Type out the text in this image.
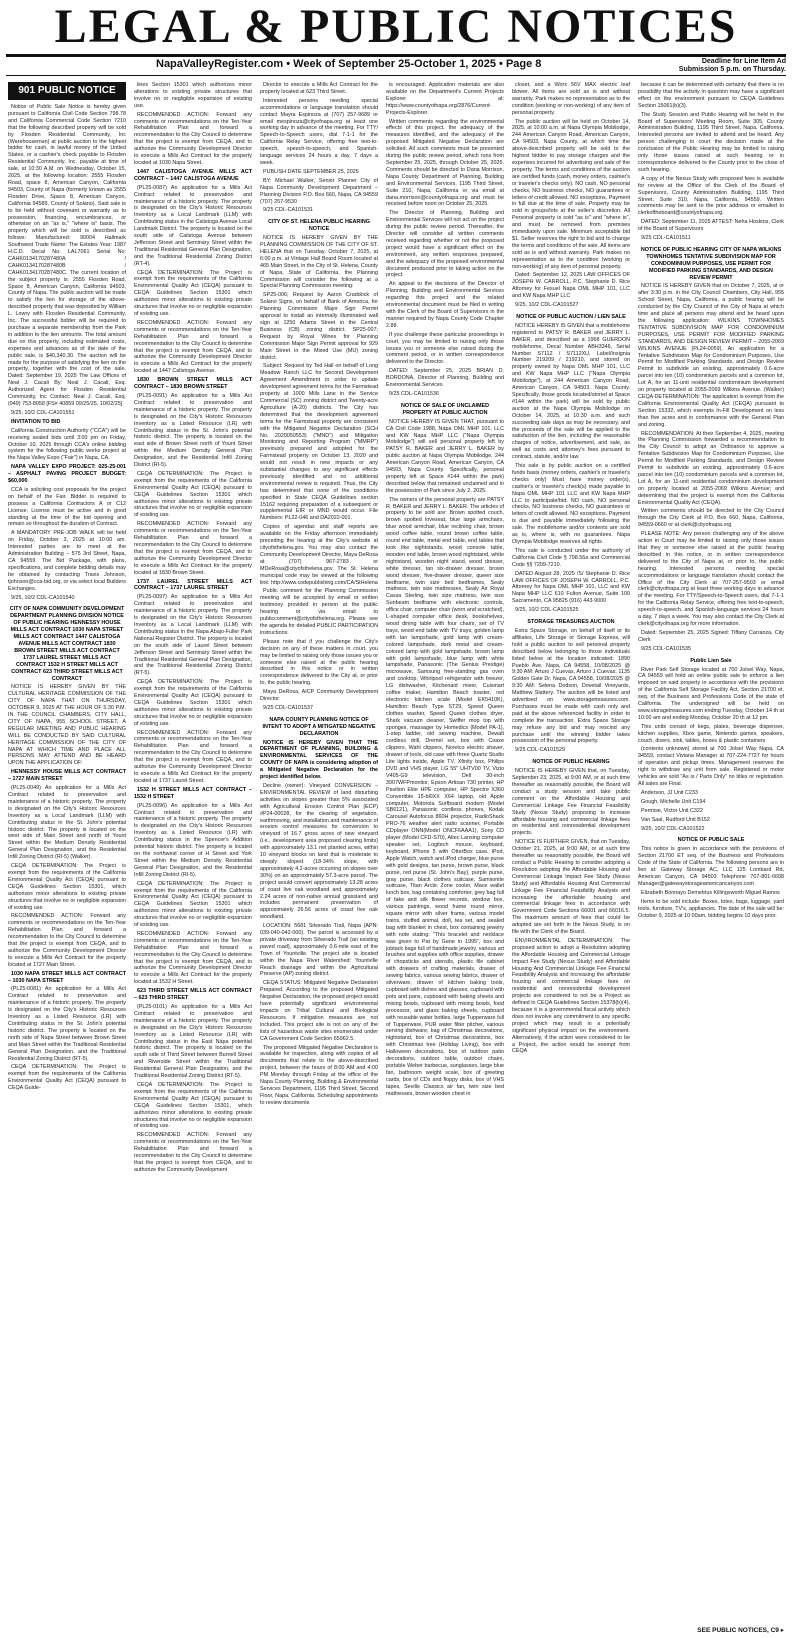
LEGAL & PUBLIC NOTICES
NapaValleyRegister.com • Week of September 25-October 1, 2025 • Page 8	Deadline for Line Item Ad
Submission 5 p.m. on Thursday.
901 PUBLIC NOTICE

Notice of Public Sale Notice is hereby given pursuant to California Civil Code Section 798.78 and California Commercial Code Section 7210 that the following described property will be sold by Flosden Residential Community, Inc (Warehouseman) at public auction to the highest bidder for cash, in lawful money of the United States, or a cashier's check payable to Flosden Residential Community, Inc. payable at time of sale, at 10:30 A.M. on Wednesday, October 15, 2025, at the following location: 2555 Flosden Road, space 8, American Canyon, California 94503, County of Napa (formerly known as 2555 Flosden Drive, Space 8, American Canyon, California 94589, County of Solano). Said sale is to be held without covenant or warranty as to possession, financing, encumbrances, or otherwise on an "as is," "where is" basis. The property which will be sold is described as follows: Manufactured: 90004 Hallmark Southwest Trade Name: The Estates Year: 1987 H.C.D. Decal No: LAL7061 Serial No: CAHK0134170287480A / CAHK0134170287480B / CAHK0134170287480C. The current location of the subject property is: 2555 Flosden Road, Space 8, American Canyon, California 94503, County of Napa. The public auction will be made to satisfy the lien for storage of the above-described property that was deposited by William L. Lowry with Flosden Residential Community, Inc. The successful bidder will be required to purchase a separate membership from the Park in addition to the lien amounts. The total amount due on this property, including estimated costs, expenses and advances as of the date of the public sale, is $40,340.30. The auction will be made for the purpose of satisfying the lien on the property, together with the cost of the sale. Dated: September 19, 2025 The Law Offices of Neal J. Cacali By: Neal J. Cacali, Esq. Authorized Agent for Flosden Residential Community, Inc Contact: Neal J. Cacali, Esq. (949) 753-8058 [FS# 40859 09/25/25, 10/02/25]

9/25, 10/2 CDL-CA101551

INVITATION TO BID

California Construction Authority ("CCA") will be receiving sealed bids until 3:00 pm on Friday, October 10, 2025 through CCA's online bidding system for the following public works project at the Napa Valley Expo ("Fair") in Napa, CA.

NAPA VALLEY EXPO PROJECT: 025-25-001 – ASPHALT PAVING PROJECT BUDGET: $60,000

CCA is soliciting cost proposals for the project on behalf of the Fair. Bidder is required to possess a California Contractors A or C12 License. License must be active and in good standing at the time of the bid opening and remain so throughout the duration of Contract.

A MANDATORY PRE-JOB WALK will be held on Friday, October 3, 2025 at 10:00 am. Interested parties are to meet at the Administration Building – 575 3rd Street, Napa, CA 94559. The Bid Package, with plans, specifications, and complete bidding details may be obtained by contacting Travis Johnson, tjohnson@cca-bid.org, or via select local Builders Exchanges.

9/25, 10/2 CDL-CA101540

CITY OF NAPA COMMUNITY DEVELOPMENT DEPARTMENT PLANNING DIVISION NOTICE OF PUBLIC HEARING HENNESSY HOUSE MILLS ACT CONTRACT 1030 NAPA STREET MILLS ACT CONTRACT 1447 CALISTOGA AVENUE MILLS ACT CONTRACT 1830 BROWN STREET MILLS ACT CONTRACT 1737 LAUREL STREET MILLS ACT CONTRACT 1532 H STREET MILLS ACT CONTRACT 623 THIRD STREET MILLS ACT CONTRACT

NOTICE IS HEREBY GIVEN BY THE CULTURAL HERITAGE COMMISSION OF THE CITY OF NAPA THAT ON THURSDAY, OCTOBER 9, 2025 AT THE HOUR OF 5:30 P.M. IN THE COUNCIL CHAMBERS, CITY HALL, CITY OF NAPA, 955 SCHOOL STREET, A REGULAR MEETING AND PUBLIC HEARING WILL BE CONDUCTED BY SAID CULTURAL HERITAGE COMMISSION OF THE CITY OF NAPA AT WHICH TIME AND PLACE ALL PERSONS MAY ATTEND AND BE HEARD UPON THE APPLICATION OF:

HENNESSY HOUSE MILLS ACT CONTRACT – 1727 MAIN STREET

(PL25-0049) An application for a Mills Act Contract related to preservation and maintenance of a historic property. The property is designated on the City's Historic Resources Inventory as a Local Landmark (LLM) with Contributing status in the St. John's potential historic district. The property is located on the west side of Main Street and north of Yount Street within the Medium Density Residential General Plan Designation, and the Residential Infill Zoning District (RI-5) (Walker).

CEQA DETERMINATION: The Project is exempt from the requirements of the California Environmental Quality Act (CEQA) pursuant to CEQA Guidelines Section 15301, which authorizes minor alterations to existing private structures that involve no or negligible expansion of existing use.

RECOMMENDED ACTION: Forward any comments or recommendations on the Ten-Year Rehabilitation Plan and forward a recommendation to the City Council to determine that the project is exempt from CEQA, and to authorize the Community Development Director to execute a Mills Act Contract for the property located at 1727 Main Street.

1030 NAPA STREET MILLS ACT CONTRACT – 1030 NAPA STREET

(PL25-0081) An application for a Mills Act Contract related to preservation and maintenance of a historic property. The property is designated on the City's Historic Resources Inventory as a Listed Resource (LR) with Contributing status in the St. John's potential historic district. The property is located on the north side of Napa Street between Brown Street and Main Street within the Traditional Residential General Plan Designation, and the Traditional Residential Zoning District (RT-5).

CEQA DETERMINATION: The Project is exempt from the requirements of the California Environmental Quality Act (CEQA) pursuant to CEQA Guide-

lines Section 15301 which authorizes minor alterations to existing private structures that involve no or negligible expansion of existing use.

RECOMMENDED ACTION: Forward any comments or recommendations on the Ten-Year Rehabilitation Plan and forward a recommendation to the City Council to determine that the project is exempt from CEQA, and to authorize the Community Development Director to execute a Mills Act Contract for the property located at 1030 Napa Street.

1447 CALISTOGA AVENUE MILLS ACT CONTRACT – 1447 CALISTOGA AVENUE

(PL25-0087) An application for a Mills Act Contract related to preservation and maintenance of a historic property. The property is designated on the City's Historic Resources Inventory as a Local Landmark (LLM) with Contributing status in the Calistoga Avenue Local Landmark District. The property is located on the south side of Calistoga Avenue between Jefferson Street and Seminary Street within the Traditional Residential General Plan Designation, and the Traditional Residential Zoning District (RT-4).

CEQA DETERMINATION: The Project is exempt from the requirements of the California Environmental Quality Act (CEQA) pursuant to CEQA Guidelines Section 15301 which authorizes minor alterations to existing private structures that involve no or negligible expansion of existing use.

RECOMMENDED ACTION: Forward any comments or recommendations on the Ten-Year Rehabilitation Plan and forward a recommendation to the City Council to determine that the project is exempt from CEQA, and to authorize the Community Development Director to execute a Mills Act Contract for the property located at 1447 Calistoga Avenue.

1830 BROWN STREET MILLS ACT CONTRACT – 1830 BROWN STREET

(PL25-0091) An application for a Mills Act Contract related to preservation and maintenance of a historic property. The property is designated on the City's Historic Resources Inventory as a Listed Resource (LR) with Contributing status in the St. John's potential historic district. The property is located on the east side of Brown Street north of Yount Street within the Medium Density General Plan Designation, and the Residential Infill Zoning District (RI-5).

CEQA DETERMINATION: The Project is exempt from the requirements of the California Environmental Quality Act (CEQA) pursuant to CEQA Guidelines Section 15301 which authorizes minor alterations to existing private structures that involve no or negligible expansion of existing use.

RECOMMENDED ACTION: Forward any comments or recommendations on the Ten-Year Rehabilitation Plan and forward a recommendation to the City Council to determine that the project is exempt from CEQA, and to authorize the Community Development Director to execute a Mills Act Contract for the property located at 1830 Brown Street.

1737 LAUREL STREET MILLS ACT CONTRACT – 1737 LAUREL STREET

(PL25-0097) An application for a Mills Act Contract related to preservation and maintenance of a historic property. The property is designated on the City's Historic Resources Inventory as a Local Landmark (LLM) with Contributing status in the Napa Abajo-Fuller Park National Register District. The property is located on the south side of Laurel Street between Jefferson Street and Seminary Street within the Traditional Residential General Plan Designation, and the Traditional Residential Zoning District (RT-5).

CEQA DETERMINATION: The Project is exempt from the requirements of the California Environmental Quality Act (CEQA) pursuant to CEQA Guidelines Section 15301 which authorizes minor alterations to existing private structures that involve no or negligible expansion of existing use.

RECOMMENDED ACTION: Forward any comments or recommendations on the Ten-Year Rehabilitation Plan and forward a recommendation to the City Council to determine that the project is exempt from CEQA, and to authorize the Community Development Director to execute a Mills Act Contract for the property located at 1737 Laurel Street.

1532 H STREET MILLS ACT CONTRACT – 1532 H STREET

(PL25-0096) An application for a Mills Act Contract related to preservation and maintenance of a historic property. The property is designated on the City's Historic Resources Inventory as a Listed Resource (LR) with Contributing status in the Spencer's Addition potential historic district. The property is located on the northwest corner of H Street and York Street within the Medium Density Residential General Plan Designation, and the Residential Infill Zoning District (RI-5).

CEQA DETERMINATION: The Project is exempt from the requirements of the California Environmental Quality Act (CEQA) pursuant to CEQA Guidelines Section 15301 which authorizes minor alterations to existing private structures that involve no or negligible expansion of existing use.

RECOMMENDED ACTION: Forward any comments or recommendations on the Ten-Year Rehabilitation Plan and forward a recommendation to the City Council to determine that the project is exempt from CEQA, and to authorize the Community Development Director to execute a Mills Act Contract for the property located at 1532 H Street.

623 THIRD STREET MILLS ACT CONTRACT – 623 THIRD STREET

(PL25-0101) An application for a Mills Act Contract related to preservation and maintenance of a historic property. The property is designated on the City's Historic Resources Inventory as a Listed Resource (LR) with Contributing status in the East Napa potential historic district. The property is located on the south side of Third Street between Burnell Street and Riverside Street within the Traditional Residential General Plan Designation, and the Traditional Residential Zoning District (RT-5).

CEQA DETERMINATION: The Project is exempt from the requirements of the California Environmental Quality Act (CEQA) pursuant to CEQA Guidelines Section 15301, which authorizes minor alterations to existing private structures that involve no or negligible expansion of existing use.

RECOMMENDED ACTION: Forward any comments or recommendations on the Ten-Year Rehabilitation Plan and forward a recommendation to the City Council to determine that the project is exempt from CEQA, and to authorize the Community Development

Director to execute a Mills Act Contract for the property located at 623 Third Street.

Interested persons needing special accommodations or language translation should contact Mayra Espinoza at (707) 257-9689 or email mespinoza@cityofnapa.org at least one working day in advance of the meeting. For TTY/ Speech-to-Speech users, dial 7-1-1 for the California Relay Service, offering free text-to-speech, speech-to-speech, and Spanish-language services 24 hours a day, 7 days a week.

PUBLISH DATE SEPTEMBER 25, 2025

BY: Michael Walker, Senior Planner City of Napa Community Development Department – Planning Division P.O. Box 660, Napa, CA 94559 (707) 257-9530

9/25 CDL-CA101531

CITY OF ST. HELENA PUBLIC HEARING NOTICE

NOTICE IS HEREBY GIVEN BY THE PLANNING COMMISSION OF THE CITY OF ST. HELENA that on Tuesday, October 7, 2025, at 6:00 p.m. at Vintage Hall Board Room located at 465 Main Street, in the City of St. Helena, County of Napa, State of California, the Planning Commission will consider the following at a Special Planning Commission meeting:

SP25-006; Request by Aaron Craddock of Solano Signs, on behalf of Bank of America, for Planning Commission Major Sign Permit approval to install an internally illuminated wall sign at 1250 Adams Street in the Central Business (CB) zoning district. SP25-007; Request by Royal Wines for Planning Commission Major Sign Permit approval for 929 Main Street in the Mixed Use (MU) zoning district.

Subject: Request by Ted Hall on behalf of Long Meadow Ranch LLC for Second Development Agreement Amendment in order to update development agreement terms for the Farmstead property at 1000 Mills Lane in the Service Commercial (SC) zoning district and Twenty-acre Agriculture (A-20) districts. The City has determined that the development agreement terms for the Farmstead property are consistent with the Mitigated Negative Declaration (SCH No. 2020050553) ("MND") and Mitigation Monitoring and Reporting Program ("MMRP") previously prepared and adopted for the Farmstead property on October 13, 2020 and would not result in new impacts or any substantial changes to any significant effects previously identified and no additional environmental review is required. Thus, the City has determined that none of the conditions specified in State CEQA Guidelines section 15162 requiring preparation of a subsequent or supplemental EIR or MND would occur. File Numbers: PL22-046 and DA2022-001.

Copies of agendas and staff reports are available on the Friday afternoon immediately preceding the hearing at the City's website at cityofsthelena.gov. You may also contact the Community Development Director, Maya DeRosa at (707) 967-2783 or MDeRosa@cityofsthelena.gov. The St. Helena municipal code may be viewed at the following link: http://www.codepublishing.com/CA/StHelena

Public comment for the Planning Commission meeting will be accepted by email or written testimony provided in person at the public hearing or via email to publiccomment@cityofsthelena.org. Please see the agenda for detailed PUBLIC PARTICIPATION instructions.

Please note that if you challenge the City's decision on any of these matters in court, you may be limited to raising only those issues you or someone else raised at the public hearing described in this notice or in written correspondence delivered to the City at, or prior to, the public hearing.

Maya DeRosa, AICP Community Development Director

9/25 CDL-CA101537

NAPA COUNTY PLANNING NOTICE OF INTENT TO ADOPT A MITIGATED NEGATIVE DECLARATION

NOTICE IS HEREBY GIVEN THAT THE DEPARTMENT OF PLANNING, BUILDING & ENVIRONMENTAL SERVICES OF THE COUNTY OF NAPA is considering adoption of a Mitigated Negative Declaration for the project identified below.

Decline (owner): Vineyard CONVERSION – ENVIRONMENTAL REVIEW of land disturbing activities on slopes greater than 5% associated with Agricultural Erosion Control Plan (ECP) #P24-00028, for the clearing of vegetation, earthmoving, and installation and maintenance of erosion control measures for conversion to vineyard of 16.7 gross acres of new vineyard (i.e., development area proposed clearing limits) with approximately 13.1 net planted acres, within 10 vineyard blocks on land that is moderate to steeply sloped (18-34% slope, with approximately 4.2-acres occurring on slopes over 30%) on an approximately 57.3-acre parcel. The project would convert approximately 13.28 acres of coast live oak woodland and approximately 2.24 acres of non-native annual grassland and includes permanent preservation of approximately 26.56 acres of coast live oak woodland.

LOCATION: 5681 Silverado Trail, Napa (APN: 039-040-042-000). The parcel is accessed by a private driveway from Silverado Trail (an existing paved road), approximately 0.6-mile east of the Town of Yountville. The project site is located within the Napa River Watershed: Yountville Reach drainage and within the Agricultural Preserve (AP) zoning district.

CEQA STATUS: Mitigated Negative Declaration Prepared. According to the proposed Mitigated Negative Declaration, the proposed project would have potentially significant environmental impacts on Tribal Cultural and Biological Resources. If mitigation measures are not included. This project site is not on any of the lists of hazardous waste sites enumerated under CA Government Code Section 65962.5.

The proposed Mitigated Negative Declaration is available for inspection, along with copies of all documents that relate to the above-described project, between the hours of 8:00 AM and 4:00 PM Monday through Friday at the office of the Napa County Planning, Building & Environmental Services Department, 1195 Third Street, Second Floor, Napa, California. Scheduling appointments to review documents

is encouraged. Application materials are also available on the Department's Current Projects Explorer at: https://www.countyofnapa.org/2876/Current-Projects-Explorer.

Written comments regarding the environmental effects of this project, the adequacy of the measures identified, and the adequacy of the proposed Mitigated Negative Declaration are solicited. All such comments must be presented during the public review period, which runs from September 25, 2025, through October 25, 2025. Comments should be directed to Dana Morrison, Napa County Department of Planning, Building and Environmental Services, 1195 Third Street, Suite 210, Napa, California or via email at dana.morrison@countyofnapa.org and must be received before noon on October 25, 2025.

The Director of Planning, Building and Environmental Services will not act on the project during the public review period. Thereafter, the Director will consider all written comments received regarding whether or not the proposed project would have a significant effect on the environment, any written responses prepared, and the adequacy of the proposed environmental document produced prior to taking action on the project.

An appeal to the decisions of the Director of Planning, Building and Environmental Services regarding this project and the related environmental document must be filed in writing with the Clerk of the Board of Supervisors in the manner required by Napa County Code Chapter 2.88.

If you challenge these particular proceedings in court, you may be limited to raising only those issues you or someone else raised during the comment period, or in written correspondence delivered to the Director.

DATED: September 25, 2025 BRIAN D. BORDONA, Director of Planning, Building and Environmental Services

9/25 CDL-CA101536

NOTICE OF SALE OF UNCLAIMED PROPERTY AT PUBLIC AUCTION

NOTICE HEREBY IS GIVEN THAT, pursuant to CA Civil Code 1988, Napa OML MHP 101, LLC and KW Napa MHP LLC ("Napa Olympia Mobilodge") will sell personal property left by PATSY R. BAKER and JERRY L. BAKER by public auction at Napa Olympia Mobilodge, 244 American Canyon Road, American Canyon, CA 94503, Napa County. Specifically, personal property left at Space #144 within the park) described below that remained unclaimed and in the possession of Park since July 2, 2025.

The owners of the personal property are PATSY R. BAKER and JERRY L. BAKER. The articles of property to be sold are: Brown spotted couch, brown spotted loveseat, blue large armchairs, blue wood armchair, blue reclining chair, brown wood coffee table, round brown coffee table, round end table, metal end table, end tables that look like nightstands, wood console table, wooden end table, brown wood nightstand, white nightstand, wooden night stand, wood dresser, white dresser, tan six-drawer dresser, brown wood dresser, five-drawer dresser, queen size bedframe, twin size bed bedframes, Sealy mattress, twin size mattresses, Sealy Air Royal Cassa Sterling, twin size mattress, twin size Sunbeam bedframe with electronic controls, office chair, computer chair (worn and scratched), L-shaped computer office desk, bookshelves, wood dining table with four chairs, set of TV trays, wood end table with TV trays, golden lamp with tan lampshade, gold lamp with cream-colored lampshade, dark metal and cream-colored lamp with gold lampshade, brown lamp with gold lampshade, blue lamp with white lampshade, Panasonic (The Genius Prestige) microwave, Samsung free-standing gas oven and cooktop, Whirlpool refrigerator with freezer, LG dishwasher, Kitchenaid mixer, Cuisinart coffee maker, Hamilton Beach toaster, red electronic kitchen scale (Model EK5410K), Hamilton Beach Type ST29, Speed Queen clothes washer, Speed Queen clothes dryer, Shark vacuum cleaner, Swiffer mop top with sponges, massager by Homedics (Model PA-1), 1-step ladder, old sewing machine, Dewalt cordless drill, Dremel set, box with Coaxe clippers, Wahl clippers, Norelco electric shaver, drawer of tools, old case with three Quartz Studio Lite lights inside, Apple TV, Xfinity box, Philips DVD and VHS player, LG 55" UHTV00 TV, Vizio V405-G9 television, Dell 30-inch 3007WFPmonitor, Epson Artisan 730 printer, HP Pavilion Elite HPE computer, HP Spectre X360 Convertible 15-bl0XX X64 laptop, old Apple computer, Motorola Surfboard modem (Model SB6121), Panasonic cordless phones, Kodak Carousel Autofocus 860H projector, RadioShack PRO-76 weather alert radio scanner, Portable CDplayer ONN(Model ONCF6AAA1), Sony CD player (Model CFD-S70), Altec Lansing computer speaker set, Logitech mouse, keyboard, keyboard, iPhone 5 with OtterBox case, iPod, Apple Watch, watch and iPod charger, blue purse with gold designs, tan purse, brown purse, black purse, red purse (St. John's Bay), purple purse, gray purse, black clothes suitcase, Samsonite suitcase, Titan Arctic Zone cooler, Mace wallet lunch box, bag containing comforter, grey bag full of fake and silk flower records, window box, various paintings, wood frame round mirror, square mirror with silver frame, various model trains, stuffed animal, doll, tea set, and sealed bag with blanket in chest, box containing jewelry with note stating: "This bracelet and necklace was given to Pat by Gene in 1995", box and jobtack bags full of handmade jewelry, various art brushes and supplies with office supplies, drawer of chopsticks and utensils, plastic file cabinet with drawers of crafting materials, drawer of sewing fabrics, various sewing fabrics, drawer of silverware, drawer of kitchen baking tools, cupboard with dishes and glasses, cupboard with pots and pans, cupboard with baking sheets and mixing bowls, cupboard with mixing bowls, food processor, and glass baking sheets, cupboard with reusable water bottles, large Tupperware full of Tupperware, PUR water filter pitcher, various serving dishware, bag of Christmas decorations, nightstand, box of Christmas decorations, box with Christmas tree (Holiday Living), box with Halloween decorations, box of outdoor patio decorations, outdoor table, outdoor chairs, portable Weber barbecue, sunglasses, large blue fan, bathroom weight scale, box of greeting cards, box of CDs and floppy disks, box of VHS tapes, Seville Classics air fan, twin size bed mattresses, brown wooden chest in

closet, and a Worx 56V MAX electric leaf blower. All items are sold as is and without warranty. Park makes no representation as to the condition (working or non-working) of any item of personal property.

The public auction will be held on October 14, 2025, at 10:00 a.m. at Napa Olympia Mobilodge, 244 American Canyon Road, American Canyon, CA 94503, Napa County, at which time the above-described property will be sold to the highest bidder to pay storage charges and the expenses incurred for advertising and sale of the property. The terms and conditions of the auction are certified funds (cash, money orders, cashier's or traveler's checks only). NO cash, NO personal checks, NO business checks, NO guarantees or letters of credit allowed. NO exceptions. Payment in full due at the time of sale. Property may be sold in groups/lots at the seller's discretion. All Personal property is sold "as is" and "where is", and must be removed from premises immediately upon sale. Minimum acceptable bid $1. Seller reserves the right to bid and to change the terms and conditions of the sale. All items are sold as is and without warranty. Park makes no representation as to the condition (working or non-working) of any item of personal property.

Dated: September 12, 2025 LAW OFFICES OF JOSEPH W. CARROLL, P.C. Stephanie D. Rice Attorney for Fesuel Napa OML MHP 101, LLC and KW Napa MHP LLC

9/25, 10/2 CDL-CA101527

NOTICE OF PUBLIC AUCTION / LIEN SALE

NOTICE HEREBY IS GIVEN that a mobilehome registered to PATSY R. BAKER and JERRY L. BAKER, and described as a 1968 GUERDON mobilehome, Decal Number ABH3346, Serial Number S7112 / S7112XU, Label/Insignia Number 219209 / 219210, and stored on property owned by Napa OML MHP 101, LLC and KW Napa MHP LLC ("Napa Olympia Mobilodge"), at 244 American Canyon Road, American Canyon, CA 94503, Napa County. Specifically, those goods located/stored at Space #144 within the park) will be sold by public auction at the Napa Olympia Mobilodge on October 14, 2025, at 10:30 a.m. and such succeeding sale days as may be necessary, and the proceeds of the sale will be applied to the satisfaction of the lien, including the reasonable charges of notice, advertisement, and sale, as well as costs and attorney's fees pursuant to contract, statute, and/or law.

This sale is by public auction on a certified funds basis (money orders, cashier's or traveler's checks only) Must have money order(s), cashier's or traveler's check(s) made payable to Napa OML MHP 101 LLC and KW Napa MHP LLC to participate/bid. NO cash, NO personal checks, NO business checks, NO guarantees or letters of credit allowed. NO exceptions. Payment is due and payable immediately following the sale. The mobilehome and/or contents are sold as is, where is, with no guarantees. Napa Olympia Mobilodge reserves all rights.

This sale is conducted under the authority of California Civil Code § 798.56a and Commercial Code §§ 7209-7210.

DATED August 28, 2025 /S/ Stephanie D. Rice LAW OFFICES OF JOSEPH W. CARROLL, P.C. Attorney for Napa OML MHP 101, LLC and KW Napa MHP LLC 610 Fulton Avenue, Suite 100 Sacramento, CA 95825 (916) 443-9000

9/25, 10/2 CDL-CA101525

STORAGE TREASURES AUCTION

Extra Space Storage, on behalf of itself or its affiliates, Life Storage or Storage Express, will hold a public auction to sell personal property described below belonging to those individuals listed below at the location indicated: 1890 Pueblo Ave. Napa, CA 94558, 10/08/2025 @ 9:30 AM: Arturo J Cuevas, Arturo J Cuevas. 1135 Golden Gate Dr. Napa, CA 94558, 10/08/2025 @ 9:30 AM: Selena Dodson, Dovetail Vineyards, Matthew Slattery. The auction will be listed and advertised on www.storagetreasures.com. Purchases must be made with cash only and paid at the above referenced facility in order to complete the transaction. Extra Space Storage may refuse any bid and may rescind any purchase until the winning bidder takes possession of the personal property.

9/25 CDL-CA101529

NOTICE OF PUBLIC HEARING

NOTICE IS HEREBY GIVEN that, on Tuesday, September 23, 2025, at 9:00 AM, or at such time thereafter as reasonably possible, the Board will conduct a study session and take public comment on the Affordable Housing and Commercial Linkage Fee Financial Feasibility Study (Nexus Study) proposing to increase affordable housing and commercial linkage fees on residential and nonresidential development projects.

NOTICE IS FURTHER GIVEN, that on Tuesday, October 21, 2025, at 9:00 AM, or at such time thereafter as reasonably possible, the Board will conduct a Public Hearing to consider adopting a Resolution adopting the Affordable Housing and Commercial Linkage Impact Fee Study (Nexus Study) and Affordable Housing And Commercial Linkage Fee Financial Feasibility Analysis and increasing the affordable housing and commercial linkage fees in accordance with Government Code Sections 66001 and 66016.5. The maximum amount of fees that could be adopted are set forth in the Nexus Study, is on file with the Clerk of the Board.

ENVIRONMENTAL DETERMINATION: The proposed action to adopt a Resolution adopting the Affordable Housing and Commercial Linkage Impact Fee Study (Nexus Study) and Affordable Housing And Commercial Linkage Fee Financial Feasibility Analysis and increasing the affordable housing and commercial linkage fees on residential and nonresidential development projects are considered to not be a Project as defined in CEQA Guidelines Section 15378(b)(4), because it is a governmental fiscal activity which does not involve any commitment to any specific project which may result in a potentially significant physical impact on the environment. Alternatively, if the action were considered to be a Project, the action would be exempt from CEQA

because it can be determined with certainty that there is no possibility that the activity in question may have a significant effect on the environment pursuant to CEQA Guidelines Section 15061(b)(3).

The Study Session and Public Hearing will be held in the Board of Supervisors' Meeting Room, Suite 305, County Administration Building, 1195 Third Street, Napa, California. Interested persons are invited to attend and be heard. Any person challenging in court the decision made at the conclusion of the Public Hearing may be limited to raising only those issues raised at such hearing or in correspondence delivered to the County prior to the close of such hearing.

A copy of the Nexus Study with proposed fees is available for review at the Office of the Clerk of the Board of Supervisors, County Administration Building, 1195 Third Street, Suite 310, Napa, California, 94559. Written comments may be sent to the prior address or emailed to clerkoftheboard@countyofnapa.org.

DATED: September 11, 2025 ATTEST: Neha Hoskins, Clerk of the Board of Supervisors

9/25 CDL-CA101511

NOTICE OF PUBLIC HEARING CITY OF NAPA WILKINS TOWNHOMES TENTATIVE SUBDIVISION MAP FOR CONDOMINIUM PURPOSES, USE PERMIT FOR MODIFIED PARKING STANDARDS, AND DESIGN REVIEW PERMIT

NOTICE IS HEREBY GIVEN that on October 7, 2025, at or after 3:30 p.m. in the City Council Chambers, City Hall, 955 School Street, Napa, California, a public hearing will be conducted by the City Council of the City of Napa at which time and place all persons may attend and be heard upon the following application: WILKINS TOWNHOMES TENTATIVE SUBDIVISION MAP FOR CONDOMINIUM PURPOSES, USE PERMIT FOR MODIFIED PARKING STANDARDS, AND DESIGN REVIEW PERMIT – 2055-2069 WILKINS AVENUE (PL24-0059). An application for a Tentative Subdivision Map for Condominium Purposes, Use Permit for Modified Parking Standards, and Design Review Permit to subdivide an existing, approximately 0.6-acre parcel into ten (10) condominium parcels and a common lot, Lot A, for an 11-unit residential condominium development on property located at 2055-2069 Wilkins Avenue. (Walker) CEQA DETERMINATION: The application is exempt from the California Environmental Quality Act (CEQA) pursuant to Section 15332, which exempts In-Fill Development on less than five acres and in conformance with the General Plan and zoning.

RECOMMENDATION: At their September 4, 2025, meeting the Planning Commission forwarded a recommendation to the City Council to adopt an Ordinance to approve a Tentative Subdivision Map for Condominium Purposes, Use Permit for Modified Parking Standards, and Design Review Permit to subdivide an existing, approximately 0.6-acre parcel into ten (10) condominium parcels and a common lot, Lot A, for an 11-unit residential condominium development on property located at 2055-2069 Wilkins Avenue; and determining that the project is exempt from the California Environmental Quality Act (CEQA).

Written comments should be directed to the City Council through the City Clerk at P.O. Box 660, Napa, California, 94559-0660 or at clerk@cityofnapa.org

PLEASE NOTE: Any person challenging any of the above action in Court may be limited to raising only those issues that they or someone else raised at the public hearing described in this notice, or in written correspondence delivered to the City of Napa at, or prior to, the public hearing. Interested persons needing special accommodations or language translation should contact the Office of the City Clerk at 707-257-9503 or email clerk@cityofnapa.org at least three working days in advance of the meeting. For TTY/Speech-to-Speech users, dial 7-1-1 for the California Relay Service, offering free text-to-speech, speech-to-speech, and Spanish-language services 24 hours a day, 7 days a week. You may also contact the City Clerk at clerk@cityofnapa.org for more information.

Dated: September 25, 2025 Signed: Tiffany Carranza, City Clerk

9/25 CDL-CA101535

Public Lien Sale

River Park Self Storage located at 700 Jolsel Way, Napa, CA 94559 will hold an online public sale to enforce a lien imposed on said property in accordance with the provisions of the California Self Storage Facility Act, Section 21700 et. seq. of the Business and Professions Code of the state of California. The undersigned will be held on www.storagetreasures.com ending Tuesday, October 14 th at 10:00 am and ending Monday, October 20 th at 12 pm.

This units consist of kegs, plates, beverage dispenser, kitchen supplies, Xbox game, Nintendo games, speakers, couch, divers, sink, tables, boxes & plastic containers

(contents unknown) stored at 700 Jolsel Way Napa, CA 94559, contact Viviana Manager at 707-224-7727 for hours of operation and pickup times. Management reserves the right to withdraw any unit from sale. Registered or motor vehicles are sold "As is / Parts Only" no titles or registration. All sales are Final.

Anderson, JJ Unit C233

Gough, Michelle Unit C194

Permise, Victor Unit C322

Van Saal, Rudford Unit B152

9/25, 10/2 CDL-CA101522

NOTICE OF PUBLIC SALE

This notice is given in accordance with the provisions of Section 21700 ET seq. of the Business and Professions Code of the State of California. The following persons are in lien at: Gateway Storage AC, LLC 125 Lombard Rd, American Canyon, CA 94503 Telephone 707-801-0608 Manager@gatewaystorageamericancanyon.com

Elizabeth Bonnayo Demetrius Killingsworth Miguel Ramos

Items to be sold include: Boxes, totes, bags, luggage, yard tools, furniture, TV's, appliances. The date of the sale will be: October 9, 2025 at 10:00am, bidding begins 10 days prior.

SEE PUBLIC NOTICES, C9 ▸
